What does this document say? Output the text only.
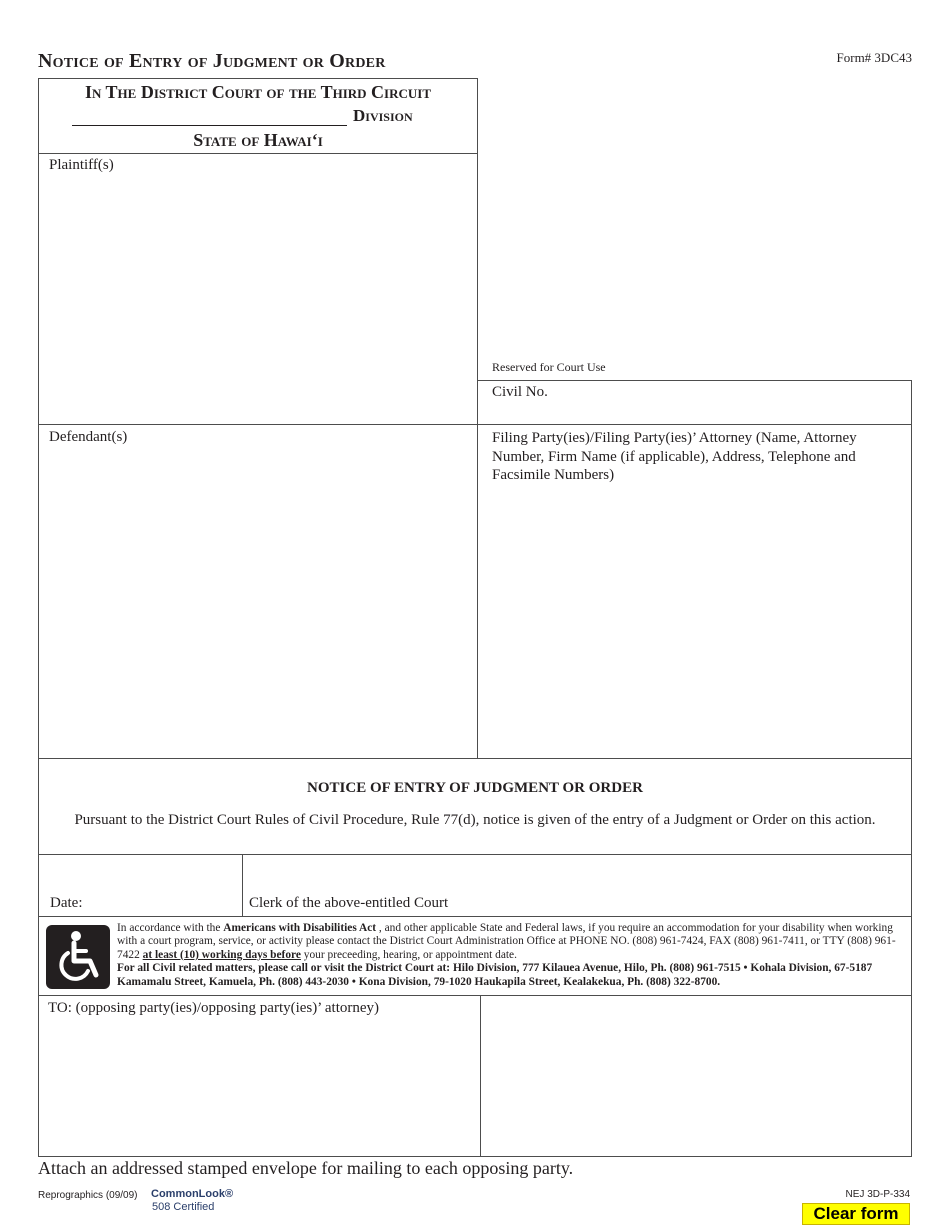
Notice of Entry of Judgment or Order	Form# 3DC43
In The District Court of the Third Circuit
Division
State of Hawai‘i
Plaintiff(s)
Reserved for Court Use
Civil No.
Defendant(s)	Filing Party(ies)/Filing Party(ies)’ Attorney (Name, Attorney Number, Firm Name (if applicable), Address, Telephone and Facsimile Numbers)
NOTICE OF ENTRY OF JUDGMENT OR ORDER
Pursuant to the District Court Rules of Civil Procedure, Rule 77(d), notice is given of the entry of a Judgment or Order on this action.
Date:	Clerk of the above-entitled Court
In accordance with the Americans with Disabilities Act , and other applicable State and Federal laws, if you require an accommodation for your disability when working with a court program, service, or activity please contact the District Court Administration Office at PHONE NO. (808) 961-7424, FAX (808) 961-7411, or TTY (808) 961-7422 at least (10) working days before your preceeding, hearing, or appointment date.
For all Civil related matters, please call or visit the District Court at: Hilo Division, 777 Kilauea Avenue, Hilo, Ph. (808) 961-7515 • Kohala Division, 67-5187 Kamamalu Street, Kamuela, Ph. (808) 443-2030 • Kona Division, 79-1020 Haukapila Street, Kealakekua, Ph. (808) 322-8700.
TO: (opposing party(ies)/opposing party(ies)’ attorney)
Attach an addressed stamped envelope for mailing to each opposing party.
Reprographics (09/09) CommonLook®
508 Certified
NEJ 3D-P-334
Clear form
